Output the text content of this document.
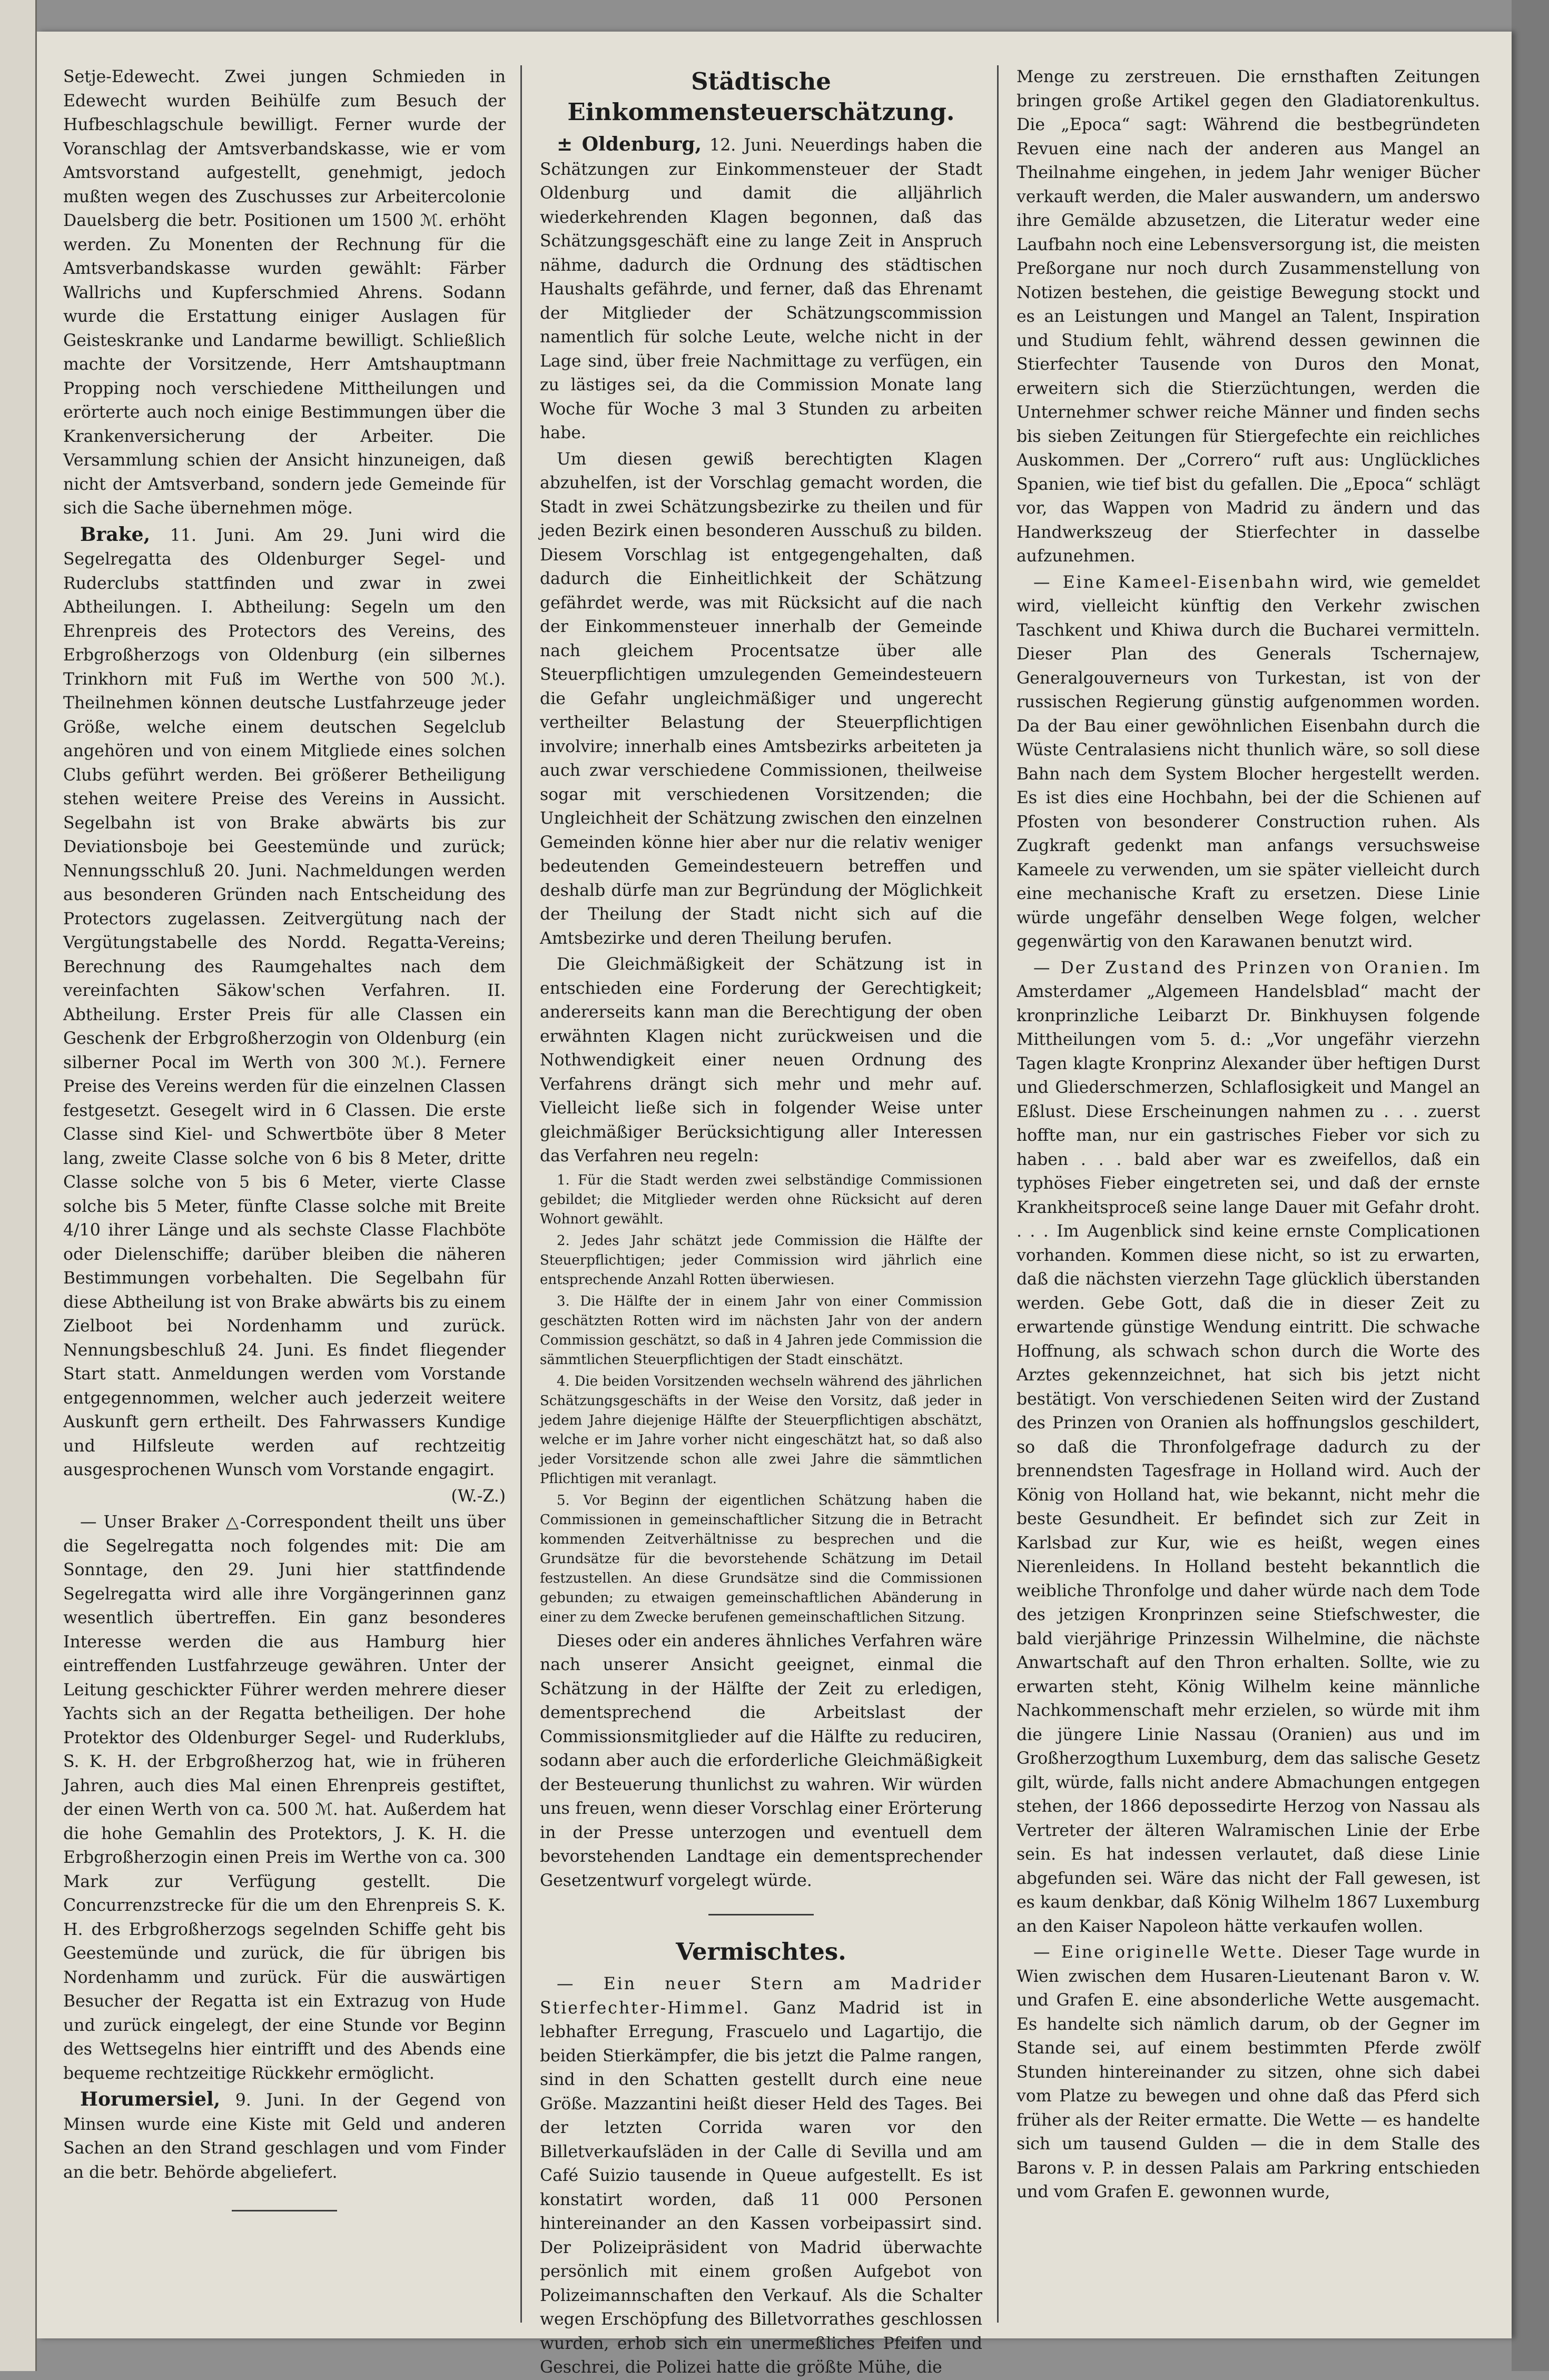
Setje-Edewecht. Zwei jungen Schmieden in Edewecht wurden Beihülfe zum Besuch der Hufbeschlagschule bewilligt. Ferner wurde der Voranschlag der Amtsverbandskasse, wie er vom Amtsvorstand aufgestellt, genehmigt, jedoch mußten wegen des Zuschusses zur Arbeitercolonie Dauelsberg die betr. Positionen um 1500 ℳ. erhöht werden. Zu Monenten der Rechnung für die Amtsverbandskasse wurden gewählt: Färber Wallrichs und Kupferschmied Ahrens. Sodann wurde die Erstattung einiger Auslagen für Geisteskranke und Landarme bewilligt. Schließlich machte der Vorsitzende, Herr Amtshauptmann Propping noch verschiedene Mittheilungen und erörterte auch noch einige Bestimmungen über die Krankenversicherung der Arbeiter. Die Versammlung schien der Ansicht hinzuneigen, daß nicht der Amtsverband, sondern jede Gemeinde für sich die Sache übernehmen möge.

Brake, 11. Juni. Am 29. Juni wird die Segelregatta des Oldenburger Segel- und Ruderclubs stattfinden und zwar in zwei Abtheilungen. I. Abtheilung: Segeln um den Ehrenpreis des Protectors des Vereins, des Erbgroßherzogs von Oldenburg (ein silbernes Trinkhorn mit Fuß im Werthe von 500 ℳ.). Theilnehmen können deutsche Lustfahrzeuge jeder Größe, welche einem deutschen Segelclub angehören und von einem Mitgliede eines solchen Clubs geführt werden. Bei größerer Betheiligung stehen weitere Preise des Vereins in Aussicht. Segelbahn ist von Brake abwärts bis zur Deviationsboje bei Geestemünde und zurück; Nennungsschluß 20. Juni. Nachmeldungen werden aus besonderen Gründen nach Entscheidung des Protectors zugelassen. Zeitvergütung nach der Vergütungstabelle des Nordd. Regatta-Vereins; Berechnung des Raumgehaltes nach dem vereinfachten Säkow'schen Verfahren. II. Abtheilung. Erster Preis für alle Classen ein Geschenk der Erbgroßherzogin von Oldenburg (ein silberner Pocal im Werth von 300 ℳ.). Fernere Preise des Vereins werden für die einzelnen Classen festgesetzt. Gesegelt wird in 6 Classen. Die erste Classe sind Kiel- und Schwertböte über 8 Meter lang, zweite Classe solche von 6 bis 8 Meter, dritte Classe solche von 5 bis 6 Meter, vierte Classe solche bis 5 Meter, fünfte Classe solche mit Breite 4/10 ihrer Länge und als sechste Classe Flachböte oder Dielenschiffe; darüber bleiben die näheren Bestimmungen vorbehalten. Die Segelbahn für diese Abtheilung ist von Brake abwärts bis zu einem Zielboot bei Nordenhamm und zurück. Nennungsbeschluß 24. Juni. Es findet fliegender Start statt. Anmeldungen werden vom Vorstande entgegennommen, welcher auch jederzeit weitere Auskunft gern ertheilt. Des Fahrwassers Kundige und Hilfsleute werden auf rechtzeitig ausgesprochenen Wunsch vom Vorstande engagirt.

(W.-Z.)

— Unser Braker △-Correspondent theilt uns über die Segelregatta noch folgendes mit: Die am Sonntage, den 29. Juni hier stattfindende Segelregatta wird alle ihre Vorgängerinnen ganz wesentlich übertreffen. Ein ganz besonderes Interesse werden die aus Hamburg hier eintreffenden Lustfahrzeuge gewähren. Unter der Leitung geschickter Führer werden mehrere dieser Yachts sich an der Regatta betheiligen. Der hohe Protektor des Oldenburger Segel- und Ruderklubs, S. K. H. der Erbgroßherzog hat, wie in früheren Jahren, auch dies Mal einen Ehrenpreis gestiftet, der einen Werth von ca. 500 ℳ. hat. Außerdem hat die hohe Gemahlin des Protektors, J. K. H. die Erbgroßherzogin einen Preis im Werthe von ca. 300 Mark zur Verfügung gestellt. Die Concurrenzstrecke für die um den Ehrenpreis S. K. H. des Erbgroßherzogs segelnden Schiffe geht bis Geestemünde und zurück, die für übrigen bis Nordenhamm und zurück. Für die auswärtigen Besucher der Regatta ist ein Extrazug von Hude und zurück eingelegt, der eine Stunde vor Beginn des Wettsegelns hier eintrifft und des Abends eine bequeme rechtzeitige Rückkehr ermöglicht.

Horumersiel, 9. Juni. In der Gegend von Minsen wurde eine Kiste mit Geld und anderen Sachen an den Strand geschlagen und vom Finder an die betr. Behörde abgeliefert.

Städtische Einkommensteuerschätzung.

± Oldenburg, 12. Juni. Neuerdings haben die Schätzungen zur Einkommensteuer der Stadt Oldenburg und damit die alljährlich wiederkehrenden Klagen begonnen, daß das Schätzungsgeschäft eine zu lange Zeit in Anspruch nähme, dadurch die Ordnung des städtischen Haushalts gefährde, und ferner, daß das Ehrenamt der Mitglieder der Schätzungscommission namentlich für solche Leute, welche nicht in der Lage sind, über freie Nachmittage zu verfügen, ein zu lästiges sei, da die Commission Monate lang Woche für Woche 3 mal 3 Stunden zu arbeiten habe.

Um diesen gewiß berechtigten Klagen abzuhelfen, ist der Vorschlag gemacht worden, die Stadt in zwei Schätzungsbezirke zu theilen und für jeden Bezirk einen besonderen Ausschuß zu bilden. Diesem Vorschlag ist entgegengehalten, daß dadurch die Einheitlichkeit der Schätzung gefährdet werde, was mit Rücksicht auf die nach der Einkommensteuer innerhalb der Gemeinde nach gleichem Procentsatze über alle Steuerpflichtigen umzulegenden Gemeindesteuern die Gefahr ungleichmäßiger und ungerecht vertheilter Belastung der Steuerpflichtigen involvire; innerhalb eines Amtsbezirks arbeiteten ja auch zwar verschiedene Commissionen, theilweise sogar mit verschiedenen Vorsitzenden; die Ungleichheit der Schätzung zwischen den einzelnen Gemeinden könne hier aber nur die relativ weniger bedeutenden Gemeindesteuern betreffen und deshalb dürfe man zur Begründung der Möglichkeit der Theilung der Stadt nicht sich auf die Amtsbezirke und deren Theilung berufen.

Die Gleichmäßigkeit der Schätzung ist in entschieden eine Forderung der Gerechtigkeit; andererseits kann man die Berechtigung der oben erwähnten Klagen nicht zurückweisen und die Nothwendigkeit einer neuen Ordnung des Verfahrens drängt sich mehr und mehr auf. Vielleicht ließe sich in folgender Weise unter gleichmäßiger Berücksichtigung aller Interessen das Verfahren neu regeln:

1. Für die Stadt werden zwei selbständige Commissionen gebildet; die Mitglieder werden ohne Rücksicht auf deren Wohnort gewählt.

2. Jedes Jahr schätzt jede Commission die Hälfte der Steuerpflichtigen; jeder Commission wird jährlich eine entsprechende Anzahl Rotten überwiesen.

3. Die Hälfte der in einem Jahr von einer Commission geschätzten Rotten wird im nächsten Jahr von der andern Commission geschätzt, so daß in 4 Jahren jede Commission die sämmtlichen Steuerpflichtigen der Stadt einschätzt.

4. Die beiden Vorsitzenden wechseln während des jährlichen Schätzungsgeschäfts in der Weise den Vorsitz, daß jeder in jedem Jahre diejenige Hälfte der Steuerpflichtigen abschätzt, welche er im Jahre vorher nicht eingeschätzt hat, so daß also jeder Vorsitzende schon alle zwei Jahre die sämmtlichen Pflichtigen mit veranlagt.

5. Vor Beginn der eigentlichen Schätzung haben die Commissionen in gemeinschaftlicher Sitzung die in Betracht kommenden Zeitverhältnisse zu besprechen und die Grundsätze für die bevorstehende Schätzung im Detail festzustellen. An diese Grundsätze sind die Commissionen gebunden; zu etwaigen gemeinschaftlichen Abänderung in einer zu dem Zwecke berufenen gemeinschaftlichen Sitzung.

Dieses oder ein anderes ähnliches Verfahren wäre nach unserer Ansicht geeignet, einmal die Schätzung in der Hälfte der Zeit zu erledigen, dementsprechend die Arbeitslast der Commissionsmitglieder auf die Hälfte zu reduciren, sodann aber auch die erforderliche Gleichmäßigkeit der Besteuerung thunlichst zu wahren. Wir würden uns freuen, wenn dieser Vorschlag einer Erörterung in der Presse unterzogen und eventuell dem bevorstehenden Landtage ein dementsprechender Gesetzentwurf vorgelegt würde.

Vermischtes.

— Ein neuer Stern am Madrider Stierfechter-Himmel. Ganz Madrid ist in lebhafter Erregung, Frascuelo und Lagartijo, die beiden Stierkämpfer, die bis jetzt die Palme rangen, sind in den Schatten gestellt durch eine neue Größe. Mazzantini heißt dieser Held des Tages. Bei der letzten Corrida waren vor den Billetverkaufsläden in der Calle di Sevilla und am Café Suizio tausende in Queue aufgestellt. Es ist konstatirt worden, daß 11 000 Personen hintereinander an den Kassen vorbeipassirt sind. Der Polizeipräsident von Madrid überwachte persönlich mit einem großen Aufgebot von Polizeimannschaften den Verkauf. Als die Schalter wegen Erschöpfung des Billetvorrathes geschlossen wurden, erhob sich ein unermeßliches Pfeifen und Geschrei, die Polizei hatte die größte Mühe, die

Menge zu zerstreuen. Die ernsthaften Zeitungen bringen große Artikel gegen den Gladiatorenkultus. Die „Epoca“ sagt: Während die bestbegründeten Revuen eine nach der anderen aus Mangel an Theilnahme eingehen, in jedem Jahr weniger Bücher verkauft werden, die Maler auswandern, um anderswo ihre Gemälde abzusetzen, die Literatur weder eine Laufbahn noch eine Lebensversorgung ist, die meisten Preßorgane nur noch durch Zusammenstellung von Notizen bestehen, die geistige Bewegung stockt und es an Leistungen und Mangel an Talent, Inspiration und Studium fehlt, während dessen gewinnen die Stierfechter Tausende von Duros den Monat, erweitern sich die Stierzüchtungen, werden die Unternehmer schwer reiche Männer und finden sechs bis sieben Zeitungen für Stiergefechte ein reichliches Auskommen. Der „Correro“ ruft aus: Unglückliches Spanien, wie tief bist du gefallen. Die „Epoca“ schlägt vor, das Wappen von Madrid zu ändern und das Handwerkszeug der Stierfechter in dasselbe aufzunehmen.

— Eine Kameel-Eisenbahn wird, wie gemeldet wird, vielleicht künftig den Verkehr zwischen Taschkent und Khiwa durch die Bucharei vermitteln. Dieser Plan des Generals Tschernajew, Generalgouverneurs von Turkestan, ist von der russischen Regierung günstig aufgenommen worden. Da der Bau einer gewöhnlichen Eisenbahn durch die Wüste Centralasiens nicht thunlich wäre, so soll diese Bahn nach dem System Blocher hergestellt werden. Es ist dies eine Hochbahn, bei der die Schienen auf Pfosten von besonderer Construction ruhen. Als Zugkraft gedenkt man anfangs versuchsweise Kameele zu verwenden, um sie später vielleicht durch eine mechanische Kraft zu ersetzen. Diese Linie würde ungefähr denselben Wege folgen, welcher gegenwärtig von den Karawanen benutzt wird.

— Der Zustand des Prinzen von Oranien. Im Amsterdamer „Algemeen Handelsblad“ macht der kronprinzliche Leibarzt Dr. Binkhuysen folgende Mittheilungen vom 5. d.: „Vor ungefähr vierzehn Tagen klagte Kronprinz Alexander über heftigen Durst und Gliederschmerzen, Schlaflosigkeit und Mangel an Eßlust. Diese Erscheinungen nahmen zu . . . zuerst hoffte man, nur ein gastrisches Fieber vor sich zu haben . . . bald aber war es zweifellos, daß ein typhöses Fieber eingetreten sei, und daß der ernste Krankheitsproceß seine lange Dauer mit Gefahr droht. . . . Im Augenblick sind keine ernste Complicationen vorhanden. Kommen diese nicht, so ist zu erwarten, daß die nächsten vierzehn Tage glücklich überstanden werden. Gebe Gott, daß die in dieser Zeit zu erwartende günstige Wendung eintritt. Die schwache Hoffnung, als schwach schon durch die Worte des Arztes gekennzeichnet, hat sich bis jetzt nicht bestätigt. Von verschiedenen Seiten wird der Zustand des Prinzen von Oranien als hoffnungslos geschildert, so daß die Thronfolgefrage dadurch zu der brennendsten Tagesfrage in Holland wird. Auch der König von Holland hat, wie bekannt, nicht mehr die beste Gesundheit. Er befindet sich zur Zeit in Karlsbad zur Kur, wie es heißt, wegen eines Nierenleidens. In Holland besteht bekanntlich die weibliche Thronfolge und daher würde nach dem Tode des jetzigen Kronprinzen seine Stiefschwester, die bald vierjährige Prinzessin Wilhelmine, die nächste Anwartschaft auf den Thron erhalten. Sollte, wie zu erwarten steht, König Wilhelm keine männliche Nachkommenschaft mehr erzielen, so würde mit ihm die jüngere Linie Nassau (Oranien) aus und im Großherzogthum Luxemburg, dem das salische Gesetz gilt, würde, falls nicht andere Abmachungen entgegen stehen, der 1866 depossedirte Herzog von Nassau als Vertreter der älteren Walramischen Linie der Erbe sein. Es hat indessen verlautet, daß diese Linie abgefunden sei. Wäre das nicht der Fall gewesen, ist es kaum denkbar, daß König Wilhelm 1867 Luxemburg an den Kaiser Napoleon hätte verkaufen wollen.

— Eine originelle Wette. Dieser Tage wurde in Wien zwischen dem Husaren-Lieutenant Baron v. W. und Grafen E. eine absonderliche Wette ausgemacht. Es handelte sich nämlich darum, ob der Gegner im Stande sei, auf einem bestimmten Pferde zwölf Stunden hintereinander zu sitzen, ohne sich dabei vom Platze zu bewegen und ohne daß das Pferd sich früher als der Reiter ermatte. Die Wette — es handelte sich um tausend Gulden — die in dem Stalle des Barons v. P. in dessen Palais am Parkring entschieden und vom Grafen E. gewonnen wurde,
